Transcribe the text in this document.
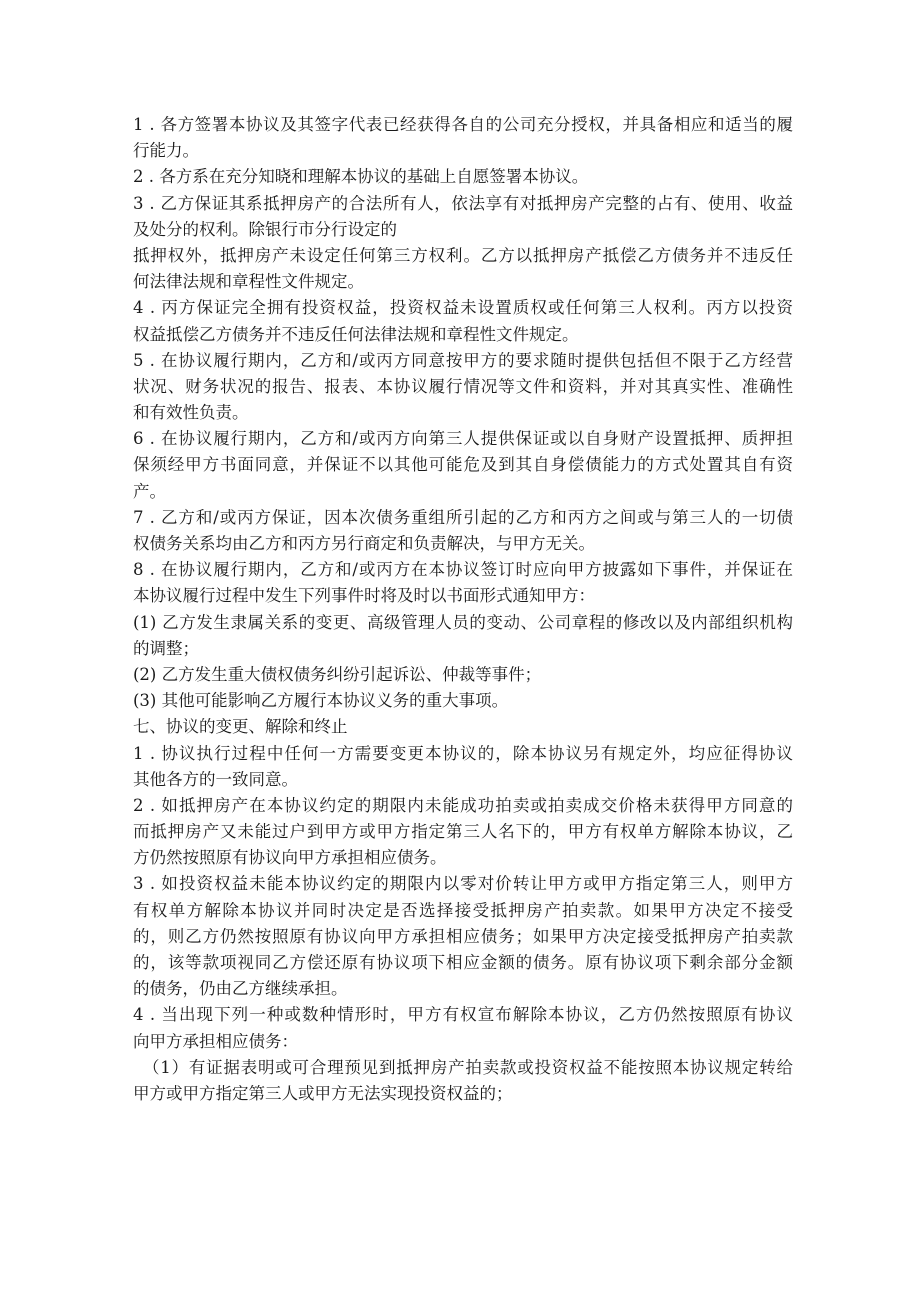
1 . 各方签署本协议及其签字代表已经获得各自的公司充分授权，并具备相应和适当的履
行能力。
2 . 各方系在充分知晓和理解本协议的基础上自愿签署本协议。
3 . 乙方保证其系抵押房产的合法所有人，依法享有对抵押房产完整的占有、使用、收益
及处分的权利。除银行市分行设定的
抵押权外，抵押房产未设定任何第三方权利。乙方以抵押房产抵偿乙方债务并不违反任
何法律法规和章程性文件规定。
4 . 丙方保证完全拥有投资权益，投资权益未设置质权或任何第三人权利。丙方以投资
权益抵偿乙方债务并不违反任何法律法规和章程性文件规定。
5 . 在协议履行期内，乙方和/或丙方同意按甲方的要求随时提供包括但不限于乙方经营
状况、财务状况的报告、报表、本协议履行情况等文件和资料，并对其真实性、准确性
和有效性负责。
6 . 在协议履行期内，乙方和/或丙方向第三人提供保证或以自身财产设置抵押、质押担
保须经甲方书面同意，并保证不以其他可能危及到其自身偿债能力的方式处置其自有资
产。
7 . 乙方和/或丙方保证，因本次债务重组所引起的乙方和丙方之间或与第三人的一切债
权债务关系均由乙方和丙方另行商定和负责解决，与甲方无关。
8 . 在协议履行期内，乙方和/或丙方在本协议签订时应向甲方披露如下事件，并保证在
本协议履行过程中发生下列事件时将及时以书面形式通知甲方：
(1) 乙方发生隶属关系的变更、高级管理人员的变动、公司章程的修改以及内部组织机构
的调整；
(2) 乙方发生重大债权债务纠纷引起诉讼、仲裁等事件；
(3) 其他可能影响乙方履行本协议义务的重大事项。
七、协议的变更、解除和终止
1 . 协议执行过程中任何一方需要变更本协议的，除本协议另有规定外，均应征得协议
其他各方的一致同意。
2 . 如抵押房产在本协议约定的期限内未能成功拍卖或拍卖成交价格未获得甲方同意的
而抵押房产又未能过户到甲方或甲方指定第三人名下的，甲方有权单方解除本协议，乙
方仍然按照原有协议向甲方承担相应债务。
3 . 如投资权益未能本协议约定的期限内以零对价转让甲方或甲方指定第三人，则甲方
有权单方解除本协议并同时决定是否选择接受抵押房产拍卖款。如果甲方决定不接受
的，则乙方仍然按照原有协议向甲方承担相应债务；如果甲方决定接受抵押房产拍卖款
的，该等款项视同乙方偿还原有协议项下相应金额的债务。原有协议项下剩余部分金额
的债务，仍由乙方继续承担。
4 . 当出现下列一种或数种情形时，甲方有权宣布解除本协议，乙方仍然按照原有协议
向甲方承担相应债务：
（1）有证据表明或可合理预见到抵押房产拍卖款或投资权益不能按照本协议规定转给
甲方或甲方指定第三人或甲方无法实现投资权益的；
